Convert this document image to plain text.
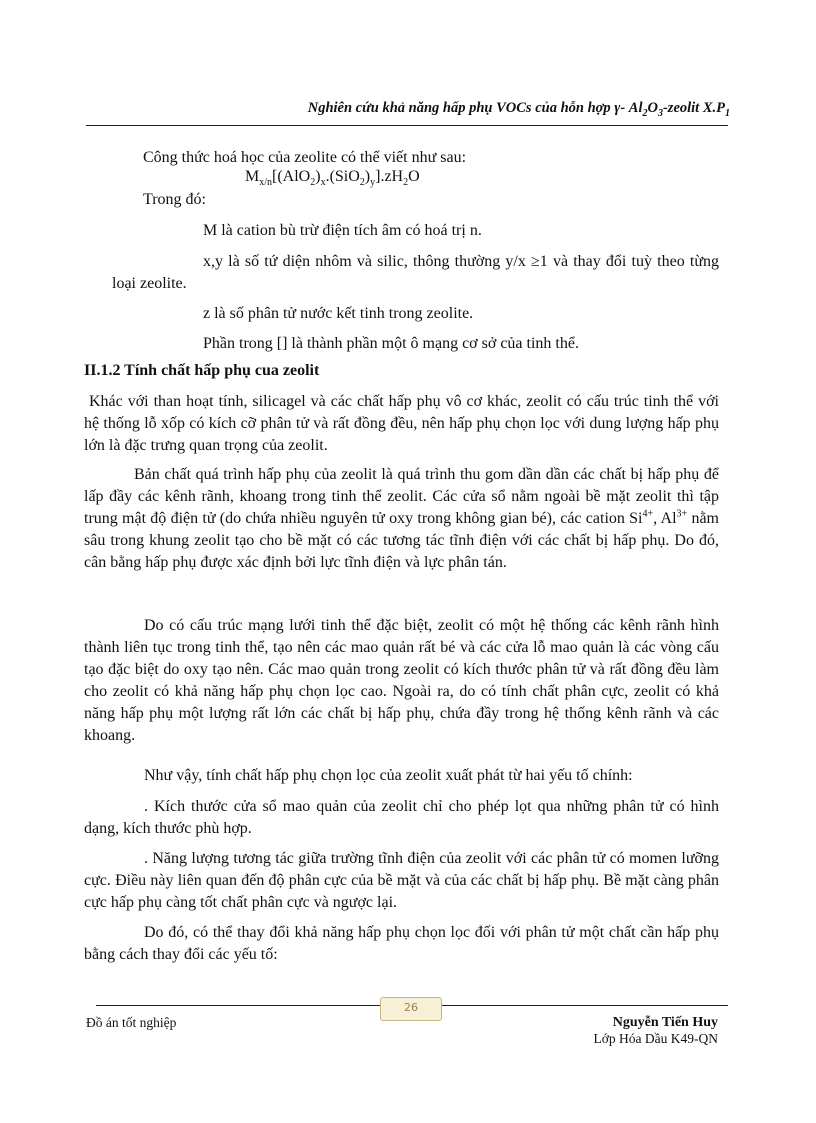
Nghiên cứu khả năng hấp phụ VOCs của hỗn hợp γ- $Al_2O_3$-zeolit $X.P_1$

Công thức hoá học của zeolite có thể viết như sau:

$M_{x/n}[(AlO_2)_x.(SiO_2)_y].zH_2O$

Trong đó:

M là cation bù trừ điện tích âm có hoá trị n.

x,y là số tứ diện nhôm và silic, thông thường y/x ≥1 và thay đổi tuỳ theo từng loại zeolite.

z là số phân tử nước kết tinh trong zeolite.

Phần trong [] là thành phần một ô mạng cơ sở của tinh thể.

II.1.2 Tính chất hấp phụ cua zeolit

Khác với than hoạt tính, silicagel và các chất hấp phụ vô cơ khác, zeolit có cấu trúc tinh thể với hệ thống lỗ xốp có kích cỡ phân tử và rất đồng đều, nên hấp phụ chọn lọc với dung lượng hấp phụ lớn là đặc trưng quan trọng của zeolit.

Bản chất quá trình hấp phụ của zeolit là quá trình thu gom dần dần các chất bị hấp phụ để lấp đầy các kênh rãnh, khoang trong tinh thể zeolit. Các cửa sổ nằm ngoài bề mặt zeolit thì tập trung mật độ điện tử (do chứa nhiều nguyên tử oxy trong không gian bé), các cation $Si^{4+}$, $Al^{3+}$ nằm sâu trong khung zeolit tạo cho bề mặt có các tương tác tĩnh điện với các chất bị hấp phụ. Do đó, cân bằng hấp phụ được xác định bởi lực tĩnh điện và lực phân tán.

Do có cấu trúc mạng lưới tinh thể đặc biệt, zeolit có một hệ thống các kênh rãnh hình thành liên tục trong tinh thể, tạo nên các mao quản rất bé và các cửa lỗ mao quản là các vòng cấu tạo đặc biệt do oxy tạo nên. Các mao quản trong zeolit có kích thước phân tử và rất đồng đều làm cho zeolit có khả năng hấp phụ chọn lọc cao. Ngoài ra, do có tính chất phân cực, zeolit có khả năng hấp phụ một lượng rất lớn các chất bị hấp phụ, chứa đầy trong hệ thống kênh rãnh và các khoang.

Như vậy, tính chất hấp phụ chọn lọc của zeolit xuất phát từ hai yếu tố chính:

. Kích thước cửa sổ mao quản của zeolit chỉ cho phép lọt qua những phân tử có hình dạng, kích thước phù hợp.

. Năng lượng tương tác giữa trường tĩnh điện của zeolit với các phân tử có momen lưỡng cực. Điều này liên quan đến độ phân cực của bề mặt và của các chất bị hấp phụ. Bề mặt càng phân cực hấp phụ càng tốt chất phân cực và ngược lại.

Do đó, có thể thay đổi khả năng hấp phụ chọn lọc đối với phân tử một chất cần hấp phụ bằng cách thay đổi các yếu tố:

26
Đồ án tốt nghiệp	Nguyễn Tiến Huy
Lớp Hóa Dầu K49-QN
